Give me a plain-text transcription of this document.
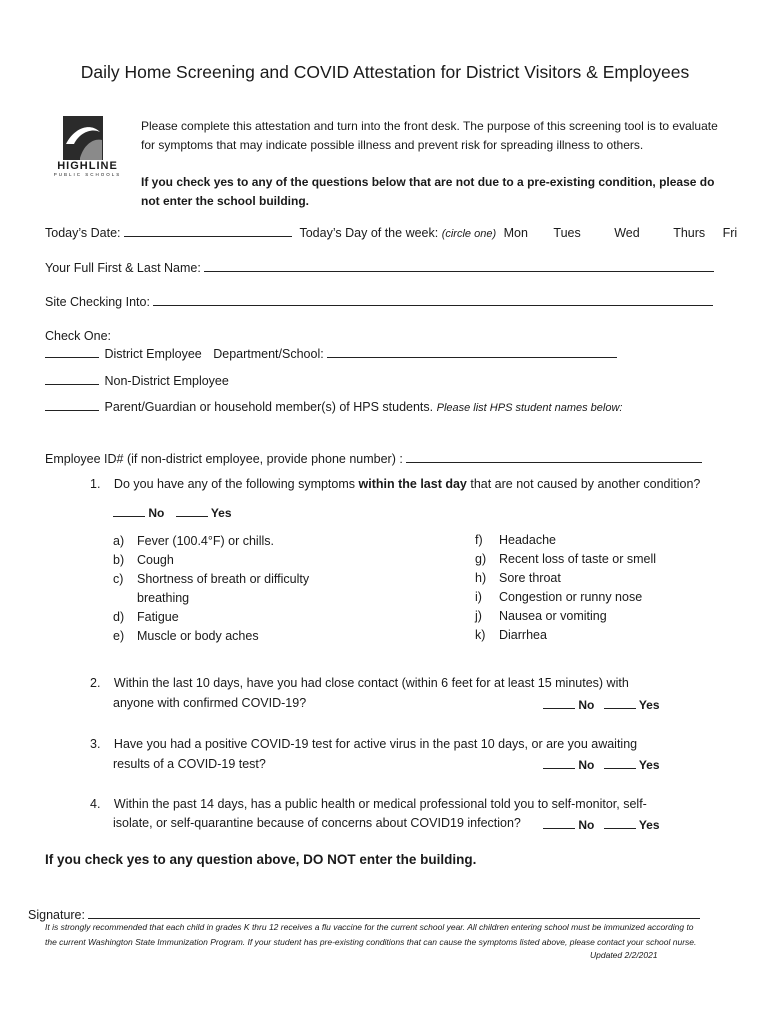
Daily Home Screening and COVID Attestation for District Visitors & Employees
HIGHLINE
PUBLIC SCHOOLS
Please complete this attestation and turn into the front desk. The purpose of this screening tool is to evaluate for symptoms that may indicate possible illness and prevent risk for spreading illness to others.
If you check yes to any of the questions below that are not due to a pre-existing condition, please do not enter the school building.
Today’s Date:	Today’s Day of the week: (circle one) Mon Tues	Wed	Thurs Fri
Your Full First & Last Name:
Site Checking Into:
Check One:
District Employee Department/School:
Non-District Employee
Parent/Guardian or household member(s) of HPS students. Please list HPS student names below:
Employee ID# (if non-district employee, provide phone number) :
1. Do you have any of the following symptoms within the last day that are not caused by another condition?
No	Yes
a) Fever (100.4°F) or chills.
b) Cough
c) Shortness of breath or difficulty
breathing
d) Fatigue
e) Muscle or body aches
f) Headache
g) Recent loss of taste or smell
h) Sore throat
i) Congestion or runny nose
j) Nausea or vomiting
k) Diarrhea
2. Within the last 10 days, have you had close contact (within 6 feet for at least 15 minutes) with
anyone with confirmed COVID-19?	No	Yes
3. Have you had a positive COVID-19 test for active virus in the past 10 days, or are you awaiting
results of a COVID-19 test?	No	Yes
4. Within the past 14 days, has a public health or medical professional told you to self-monitor, self-
isolate, or self-quarantine because of concerns about COVID19 infection?	No	Yes
If you check yes to any question above, DO NOT enter the building.
Signature:
It is strongly recommended that each child in grades K thru 12 receives a flu vaccine for the current school year. All children entering school must be immunized according to the current Washington State Immunization Program. If your student has pre-existing conditions that can cause the symptoms listed above, please contact your school nurse.
Updated 2/2/2021
